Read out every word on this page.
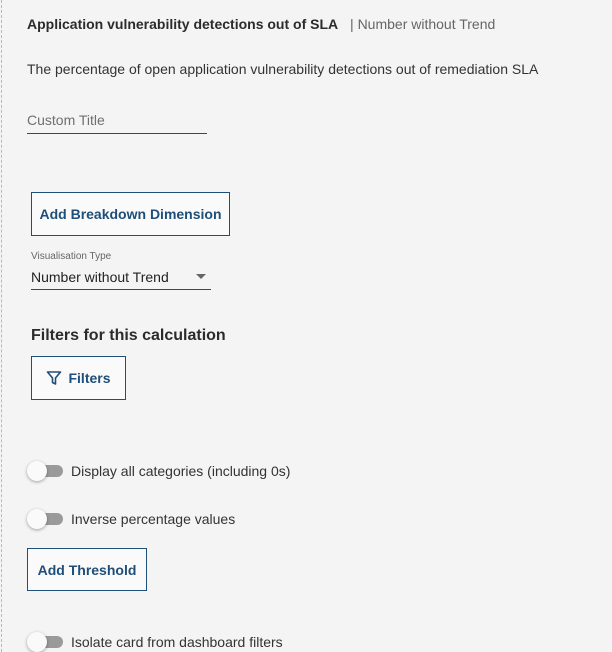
Application vulnerability detections out of SLA | Number without Trend
The percentage of open application vulnerability detections out of remediation SLA
Custom Title
Add Breakdown Dimension
Visualisation Type
Number without Trend
Filters for this calculation
Filters
Display all categories (including 0s)
Inverse percentage values
Add Threshold
Isolate card from dashboard filters
